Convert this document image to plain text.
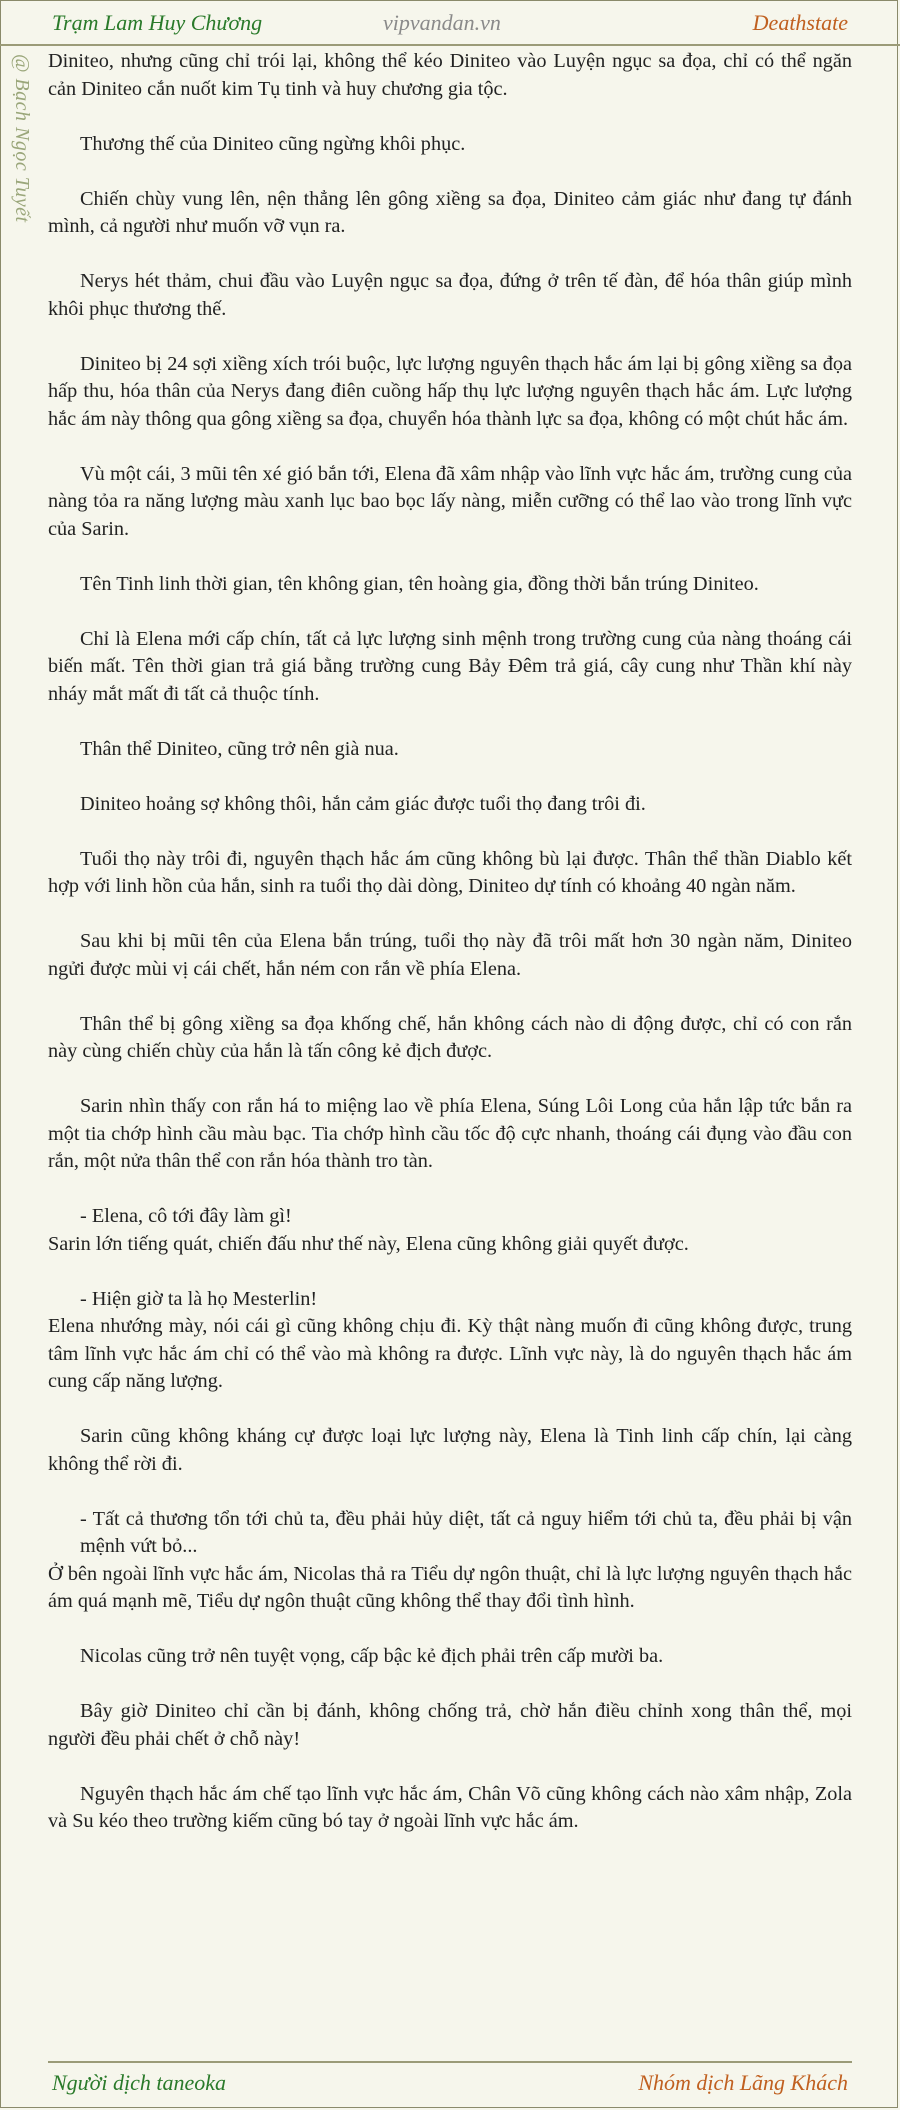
Trạm Lam Huy Chương	vipvandan.vn	Deathstate
@ Bạch Ngọc Tuyết Diniteo, nhưng cũng chỉ trói lại, không thể kéo Diniteo vào Luyện ngục sa đọa, chỉ có thể ngăn cản Diniteo cắn nuốt kim Tụ tinh và huy chương gia tộc.

Thương thế của Diniteo cũng ngừng khôi phục.

Chiến chùy vung lên, nện thẳng lên gông xiềng sa đọa, Diniteo cảm giác như đang tự đánh mình, cả người như muốn vỡ vụn ra.

Nerys hét thảm, chui đầu vào Luyện ngục sa đọa, đứng ở trên tế đàn, để hóa thân giúp mình khôi phục thương thế.

Diniteo bị 24 sợi xiềng xích trói buộc, lực lượng nguyên thạch hắc ám lại bị gông xiềng sa đọa hấp thu, hóa thân của Nerys đang điên cuồng hấp thụ lực lượng nguyên thạch hắc ám. Lực lượng hắc ám này thông qua gông xiềng sa đọa, chuyển hóa thành lực sa đọa, không có một chút hắc ám.

Vù một cái, 3 mũi tên xé gió bắn tới, Elena đã xâm nhập vào lĩnh vực hắc ám, trường cung của nàng tỏa ra năng lượng màu xanh lục bao bọc lấy nàng, miễn cưỡng có thể lao vào trong lĩnh vực của Sarin.

Tên Tinh linh thời gian, tên không gian, tên hoàng gia, đồng thời bắn trúng Diniteo.

Chỉ là Elena mới cấp chín, tất cả lực lượng sinh mệnh trong trường cung của nàng thoáng cái biến mất. Tên thời gian trả giá bằng trường cung Bảy Đêm trả giá, cây cung như Thần khí này nháy mắt mất đi tất cả thuộc tính.

Thân thể Diniteo, cũng trở nên già nua.

Diniteo hoảng sợ không thôi, hắn cảm giác được tuổi thọ đang trôi đi.

Tuổi thọ này trôi đi, nguyên thạch hắc ám cũng không bù lại được. Thân thể thần Diablo kết hợp với linh hồn của hắn, sinh ra tuổi thọ dài dòng, Diniteo dự tính có khoảng 40 ngàn năm.

Sau khi bị mũi tên của Elena bắn trúng, tuổi thọ này đã trôi mất hơn 30 ngàn năm, Diniteo ngửi được mùi vị cái chết, hắn ném con rắn về phía Elena.

Thân thể bị gông xiềng sa đọa khống chế, hắn không cách nào di động được, chỉ có con rắn này cùng chiến chùy của hắn là tấn công kẻ địch được.

Sarin nhìn thấy con rắn há to miệng lao về phía Elena, Súng Lôi Long của hắn lập tức bắn ra một tia chớp hình cầu màu bạc. Tia chớp hình cầu tốc độ cực nhanh, thoáng cái đụng vào đầu con rắn, một nửa thân thể con rắn hóa thành tro tàn.

- Elena, cô tới đây làm gì!
Sarin lớn tiếng quát, chiến đấu như thế này, Elena cũng không giải quyết được.
- Hiện giờ ta là họ Mesterlin!
Elena nhướng mày, nói cái gì cũng không chịu đi. Kỳ thật nàng muốn đi cũng không được, trung tâm lĩnh vực hắc ám chỉ có thể vào mà không ra được. Lĩnh vực này, là do nguyên thạch hắc ám cung cấp năng lượng.

Sarin cũng không kháng cự được loại lực lượng này, Elena là Tinh linh cấp chín, lại càng không thể rời đi.

- Tất cả thương tổn tới chủ ta, đều phải hủy diệt, tất cả nguy hiểm tới chủ ta, đều phải bị vận mệnh vứt bỏ...
Ở bên ngoài lĩnh vực hắc ám, Nicolas thả ra Tiểu dự ngôn thuật, chỉ là lực lượng nguyên thạch hắc ám quá mạnh mẽ, Tiểu dự ngôn thuật cũng không thể thay đổi tình hình.

Nicolas cũng trở nên tuyệt vọng, cấp bậc kẻ địch phải trên cấp mười ba.

Bây giờ Diniteo chỉ cần bị đánh, không chống trả, chờ hắn điều chỉnh xong thân thể, mọi người đều phải chết ở chỗ này!

Nguyên thạch hắc ám chế tạo lĩnh vực hắc ám, Chân Võ cũng không cách nào xâm nhập, Zola và Su kéo theo trường kiếm cũng bó tay ở ngoài lĩnh vực hắc ám.

Người dịch taneoka	Nhóm dịch Lãng Khách
